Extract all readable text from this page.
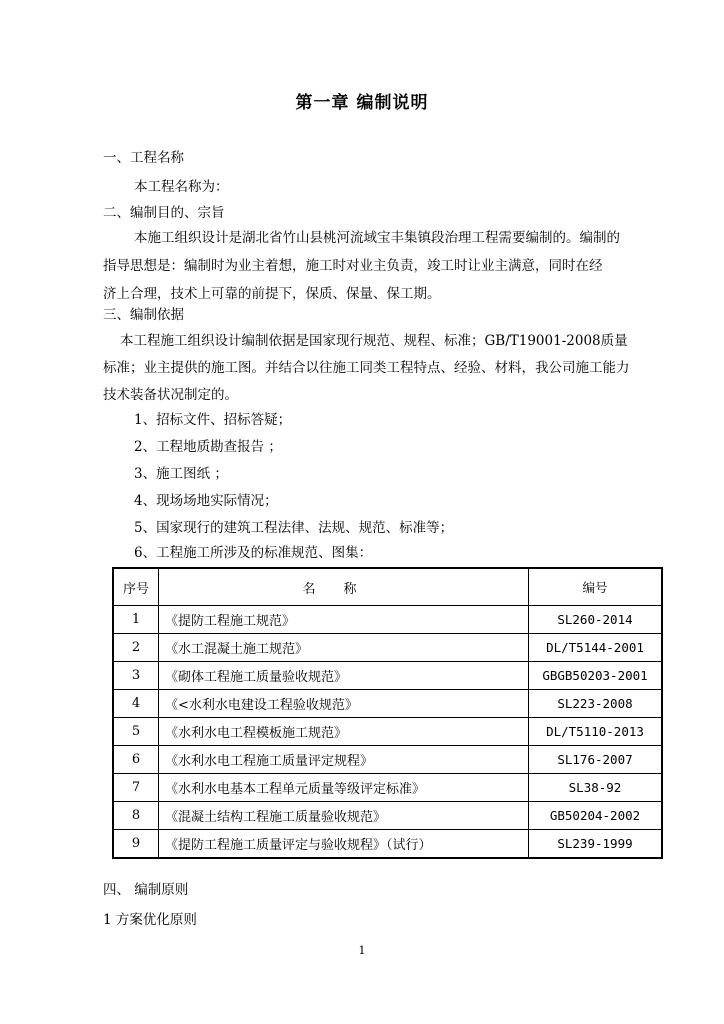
第一章 编制说明
一、工程名称
本工程名称为：
二、编制目的、宗旨
本施工组织设计是湖北省竹山县桃河流域宝丰集镇段治理工程需要编制的。编制的
指导思想是：编制时为业主着想，施工时对业主负责，竣工时让业主满意，同时在经
济上合理，技术上可靠的前提下，保质、保量、保工期。
三、编制依据
本工程施工组织设计编制依据是国家现行规范、规程、标准；GB/T19001-2008质量
标准；业主提供的施工图。并结合以往施工同类工程特点、经验、材料，我公司施工能力
技术装备状况制定的。
1、招标文件、招标答疑；
2、工程地质勘查报告 ；
3、施工图纸 ；
4、现场场地实际情况；
5、国家现行的建筑工程法律、法规、规范、标准等；
6、工程施工所涉及的标准规范、图集：
序号	名称	编号
1	《提防工程施工规范》	SL260-2014
2	《水工混凝土施工规范》	DL/T5144-2001
3	《砌体工程施工质量验收规范》	GBGB50203-2001
4	《<水利水电建设工程验收规范》	SL223-2008
5	《水利水电工程模板施工规范》	DL/T5110-2013
6	《水利水电工程施工质量评定规程》	SL176-2007
7	《水利水电基本工程单元质量等级评定标准》	SL38-92
8	《混凝土结构工程施工质量验收规范》	GB50204-2002
9	《提防工程施工质量评定与验收规程》（试行）	SL239-1999
四、 编制原则
1 方案优化原则
1
